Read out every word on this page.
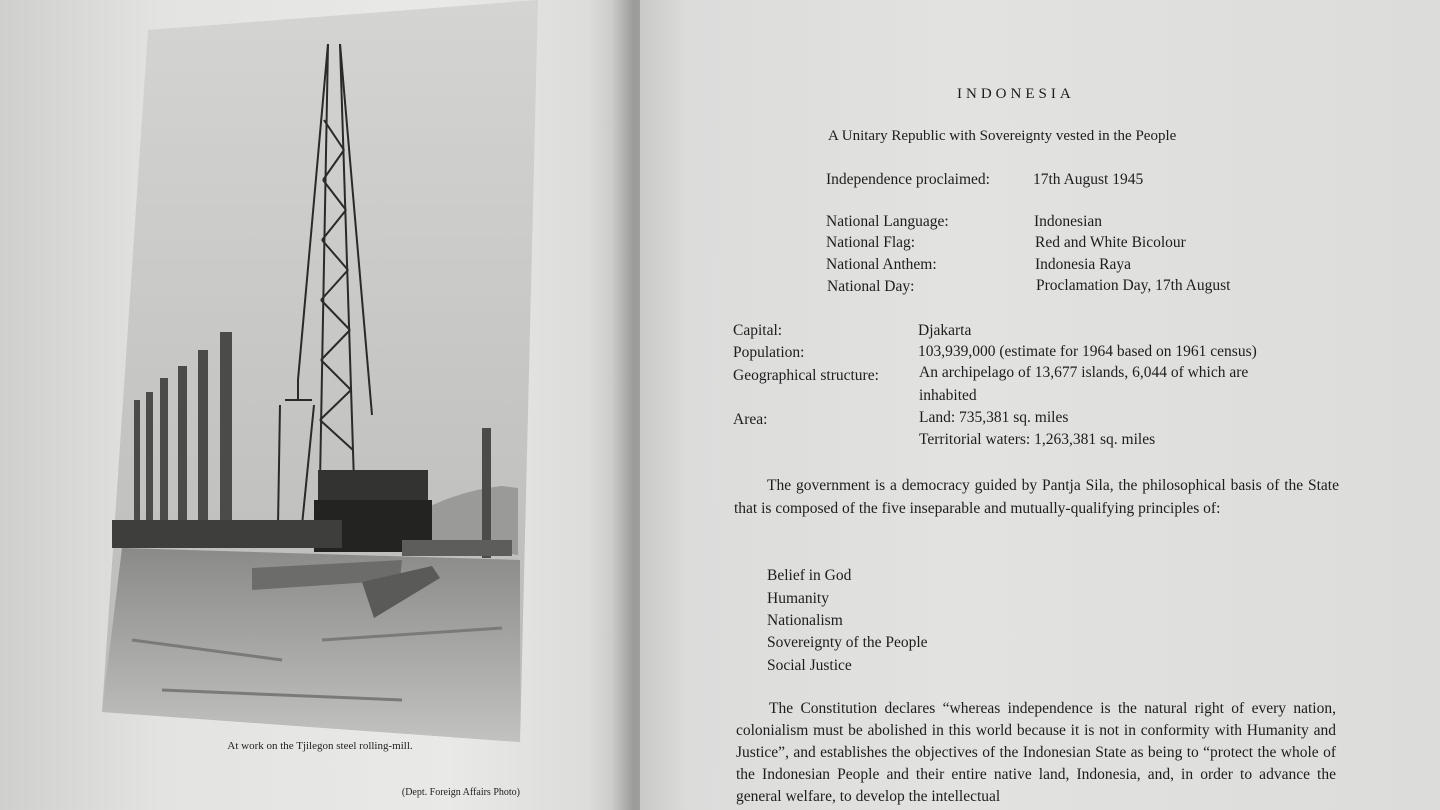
At work on the Tjilegon steel rolling-mill.
(Dept. Foreign Affairs Photo)
INDONESIA
A Unitary Republic with Sovereignty vested in the People
Independence proclaimed:	17th August 1945
National Language:	Indonesian
National Flag:	Red and White Bicolour
National Anthem:	Indonesia Raya
National Day:	Proclamation Day, 17th August
Capital:	Djakarta
Population:	103,939,000 (estimate for 1964 based on 1961 census)
Geographical structure:	An archipelago of 13,677 islands, 6,044 of which are
inhabited
Area:	Land: 735,381 sq. miles
Territorial waters: 1,263,381 sq. miles
The government is a democracy guided by Pantja Sila, the philosophical basis of the State that is composed of the five inseparable and mutually-qualifying principles of:
Belief in God
Humanity
Nationalism
Sovereignty of the People
Social Justice
The Constitution declares “whereas independence is the natural right of every nation, colonialism must be abolished in this world because it is not in conformity with Humanity and Justice”, and establishes the objectives of the Indonesian State as being to “protect the whole of the Indonesian People and their entire native land, Indonesia, and, in order to advance the general welfare, to develop the intellectual
